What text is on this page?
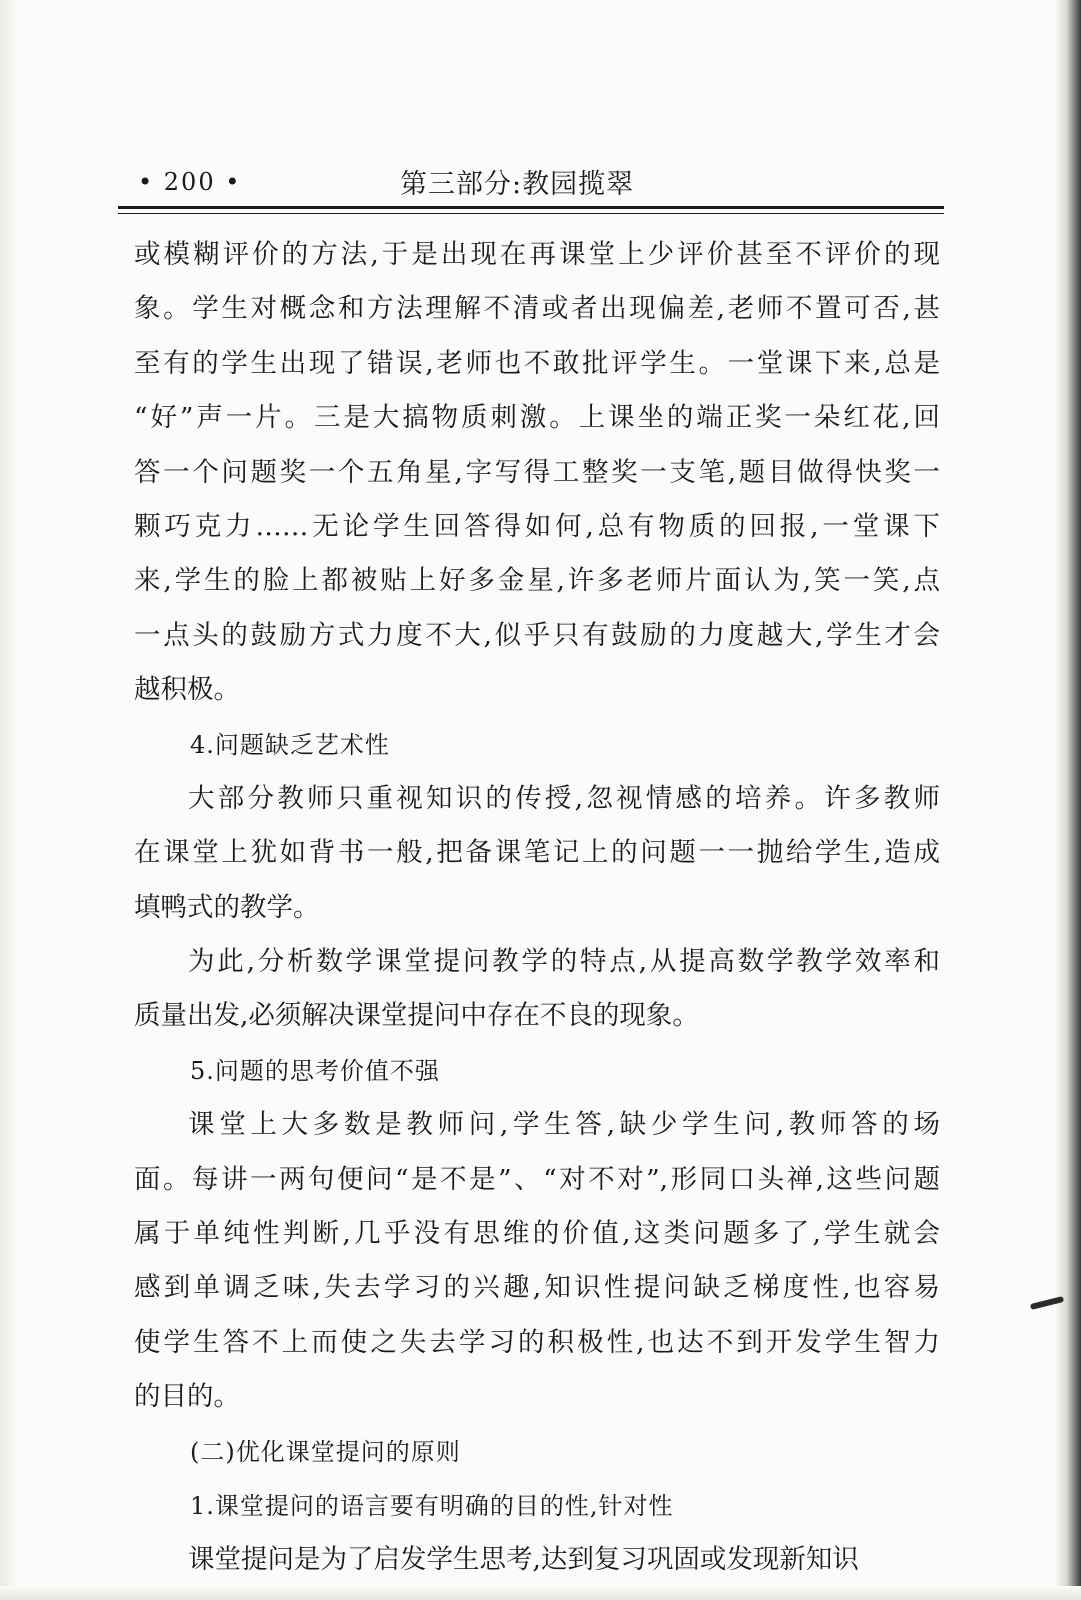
• 200 •	第三部分:教园揽翠
或模糊评价的方法,于是出现在再课堂上少评价甚至不评价的现
象。学生对概念和方法理解不清或者出现偏差,老师不置可否,甚
至有的学生出现了错误,老师也不敢批评学生。一堂课下来,总是
“好”声一片。三是大搞物质刺激。上课坐的端正奖一朵红花,回
答一个问题奖一个五角星,字写得工整奖一支笔,题目做得快奖一
颗巧克力……无论学生回答得如何,总有物质的回报,一堂课下
来,学生的脸上都被贴上好多金星,许多老师片面认为,笑一笑,点
一点头的鼓励方式力度不大,似乎只有鼓励的力度越大,学生才会
越积极。
4.问题缺乏艺术性
大部分教师只重视知识的传授,忽视情感的培养。许多教师
在课堂上犹如背书一般,把备课笔记上的问题一一抛给学生,造成
填鸭式的教学。
为此,分析数学课堂提问教学的特点,从提高数学教学效率和
质量出发,必须解决课堂提问中存在不良的现象。
5.问题的思考价值不强
课堂上大多数是教师问,学生答,缺少学生问,教师答的场
面。每讲一两句便问“是不是”、“对不对”,形同口头禅,这些问题
属于单纯性判断,几乎没有思维的价值,这类问题多了,学生就会
感到单调乏味,失去学习的兴趣,知识性提问缺乏梯度性,也容易
使学生答不上而使之失去学习的积极性,也达不到开发学生智力
的目的。
(二)优化课堂提问的原则
1.课堂提问的语言要有明确的目的性,针对性
课堂提问是为了启发学生思考,达到复习巩固或发现新知识
